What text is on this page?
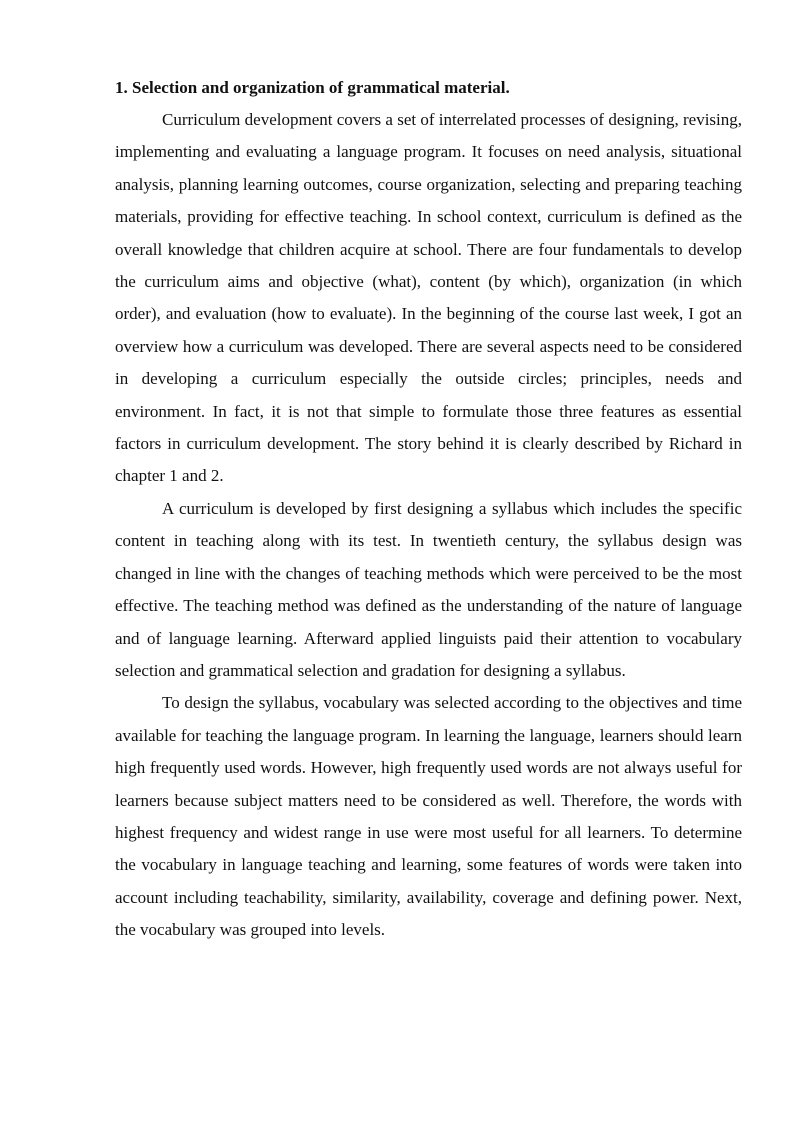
1. Selection and organization of grammatical material.

Curriculum development covers a set of interrelated processes of designing, revising, implementing and evaluating a language program. It focuses on need analysis, situational analysis, planning learning outcomes, course organization, selecting and preparing teaching materials, providing for effective teaching. In school context, curriculum is defined as the overall knowledge that children acquire at school. There are four fundamentals to develop the curriculum aims and objective (what), content (by which), organization (in which order), and evaluation (how to evaluate). In the beginning of the course last week, I got an overview how a curriculum was developed. There are several aspects need to be considered in developing a curriculum especially the outside circles; principles, needs and environment. In fact, it is not that simple to formulate those three features as essential factors in curriculum development. The story behind it is clearly described by Richard in chapter 1 and 2.

A curriculum is developed by first designing a syllabus which includes the specific content in teaching along with its test. In twentieth century, the syllabus design was changed in line with the changes of teaching methods which were perceived to be the most effective. The teaching method was defined as the understanding of the nature of language and of language learning. Afterward applied linguists paid their attention to vocabulary selection and grammatical selection and gradation for designing a syllabus.

To design the syllabus, vocabulary was selected according to the objectives and time available for teaching the language program. In learning the language, learners should learn high frequently used words. However, high frequently used words are not always useful for learners because subject matters need to be considered as well. Therefore, the words with highest frequency and widest range in use were most useful for all learners. To determine the vocabulary in language teaching and learning, some features of words were taken into account including teachability, similarity, availability, coverage and defining power. Next, the vocabulary was grouped into levels.
